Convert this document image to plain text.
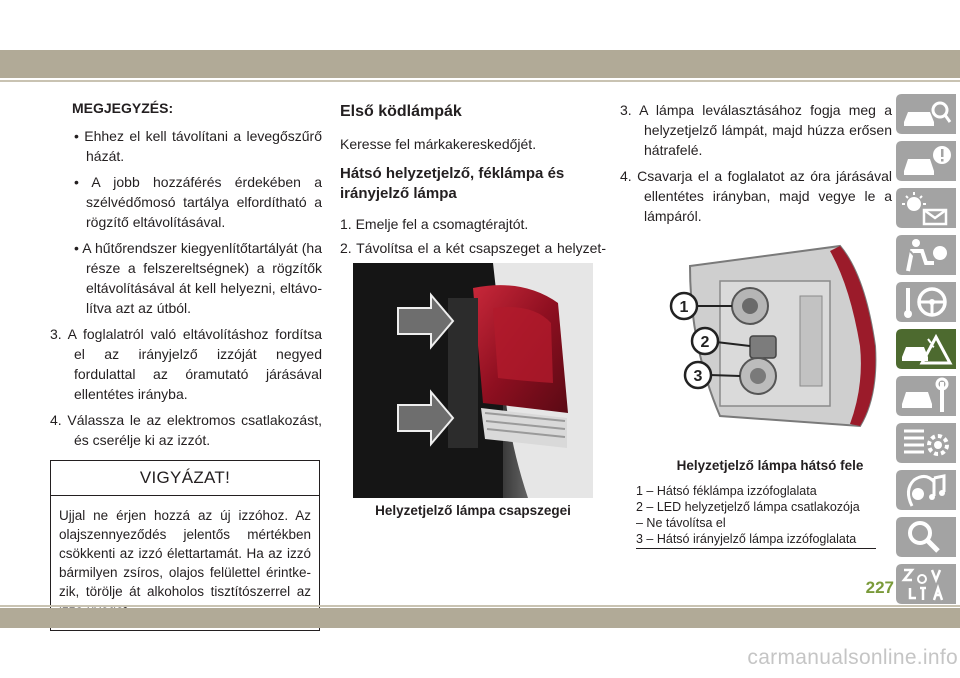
MEGJEGYZÉS:
• Ehhez el kell távolítani a levegőszűrő házát.
• A jobb hozzáférés érdekében a szélvédőmosó tartálya elfordítható a rögzítő eltávolításával.
• A hűtőrendszer kiegyenlítőtartályát (ha része a felszereltségnek) a rögzítők eltávolításával át kell helyezni, eltávolítva azt az útból.
3. A foglalatról való eltávolításhoz fordítsa el az irányjelző izzóját negyed fordulattal az óramutató járásával ellentétes irányba.
4. Válassza le az elektromos csatlakozást, és cserélje ki az izzót.
VIGYÁZAT!
Ujjal ne érjen hozzá az új izzóhoz. Az olajszennyeződés jelentős mértékben csökkenti az izzó élettartamát. Ha az izzó bármilyen zsíros, olajos felülettel érintkezik, törölje át alkoholos tisztítószerrel az
Első ködlámpák
Keresse fel márkakereskedőjét.
Hátsó helyzetjelző, féklámpa és irányjelző lámpa
1. Emelje fel a csomagtérajtót.
2. Távolítsa el a két csapszeget a helyzet
Helyzetjelző lámpa csapszegei
3. A lámpa leválasztásához fogja meg a helyzetjelző lámpát, majd húzza erősen hátrafelé.
4. Csavarja el a foglalatot az óra járásával ellentétes irányban, majd vegye le a lámpáról.
1
2
3
Helyzetjelző lámpa hátsó fele
1 – Hátsó féklámpa izzófoglalata
2 – LED helyzetjelző lámpa csatlakozója
– Ne távolítsa el
3 – Hátsó irányjelző lámpa izzófoglalata
227
carmanualsonline.info
